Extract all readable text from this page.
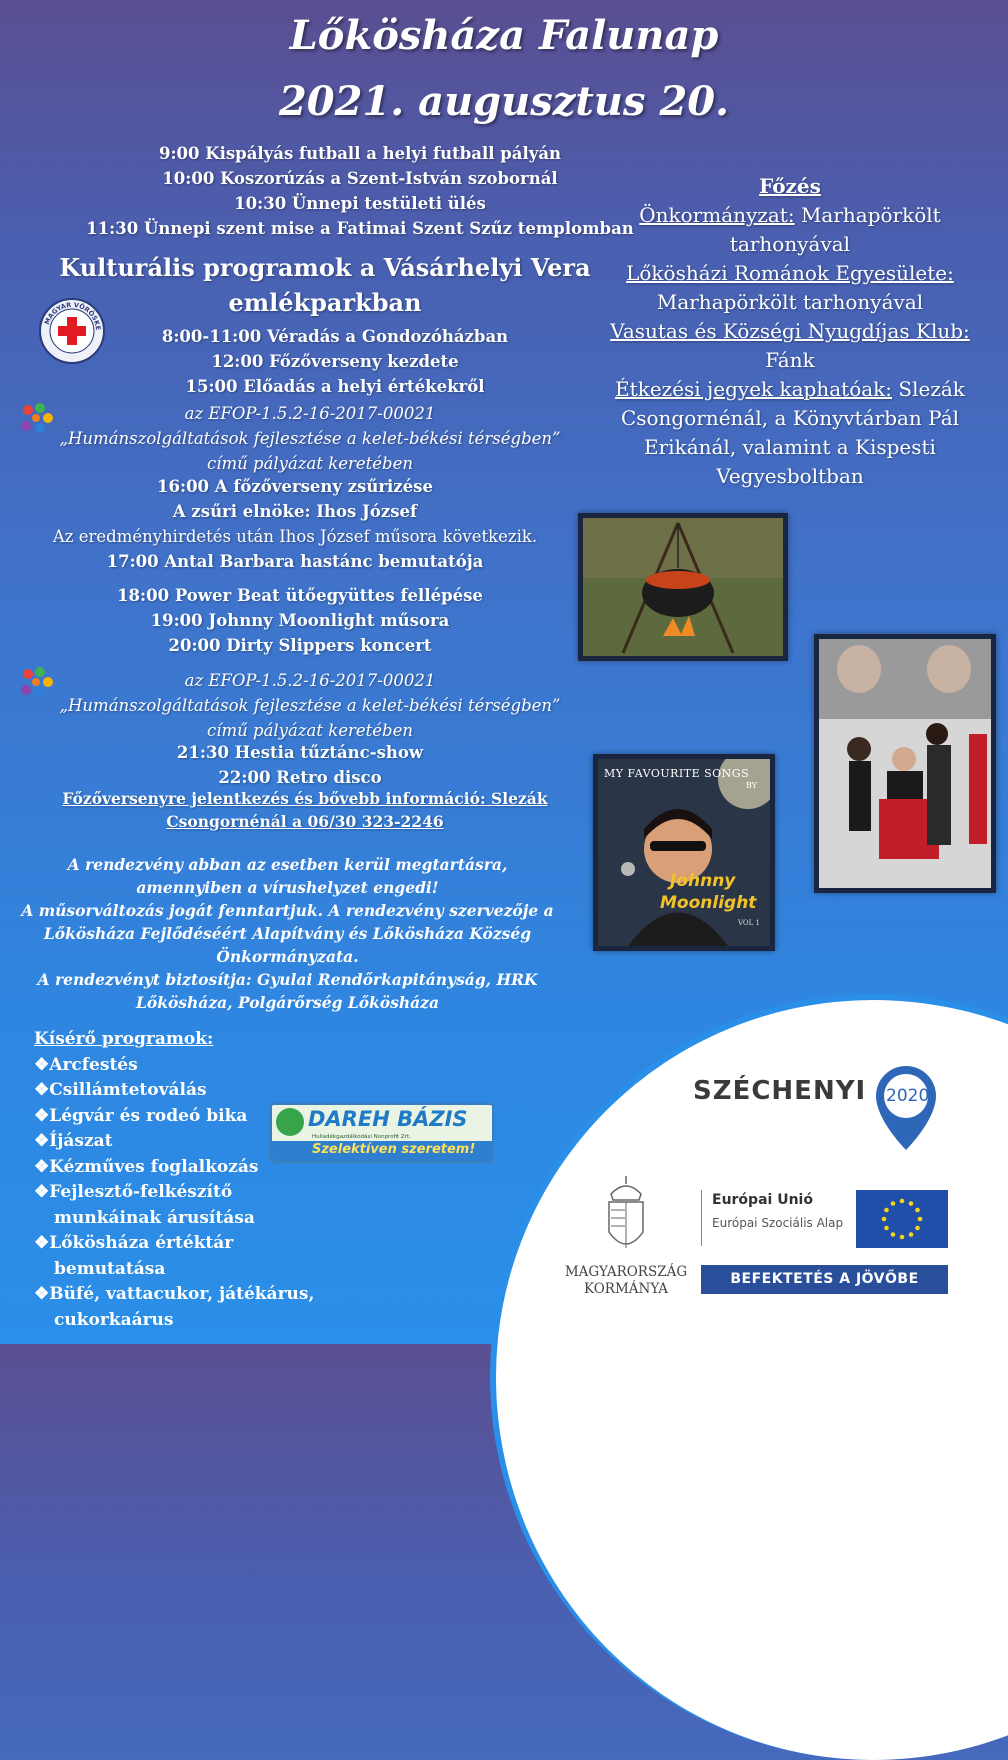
Lőkösháza Falunap
2021. augusztus 20.
9:00 Kispályás futball a helyi futball pályán
10:00 Koszorúzás a Szent-István szobornál
10:30 Ünnepi testületi ülés
11:30 Ünnepi szent mise a Fatimai Szent Szűz templomban
Kulturális programok a Vásárhelyi Vera
emlékparkban
MAGYAR VÖRÖSKE	8:00-11:00 Véradás a Gondozóházban
12:00 Főzőverseny kezdete
15:00 Előadás a helyi értékekről
az EFOP-1.5.2-16-2017-00021
„Humánszolgáltatások fejlesztése a kelet-békési térségben”
című pályázat keretében
16:00 A főzőverseny zsűrizése
A zsűri elnöke: Ihos József
Az eredményhirdetés után Ihos József műsora következik.
17:00 Antal Barbara hastánc bemutatója
18:00 Power Beat ütőegyüttes fellépése
19:00 Johnny Moonlight műsora
20:00 Dirty Slippers koncert
az EFOP-1.5.2-16-2017-00021
„Humánszolgáltatások fejlesztése a kelet-békési térségben”
című pályázat keretében
21:30 Hestia tűztánc-show
22:00 Retro disco
Főzőversenyre jelentkezés és bővebb információ: Slezák
Csongornénál a 06/30 323-2246
A rendezvény abban az esetben kerül megtartásra,
amennyiben a vírushelyzet engedi!
A műsorváltozás jogát fenntartjuk. A rendezvény szervezője a
Lőkösháza Fejlődéséért Alapítvány és Lőkösháza Község
Önkormányzata.
A rendezvényt biztosítja: Gyulai Rendőrkapitányság, HRK
Lőkösháza, Polgárőrség Lőkösháza
Kísérő programok:
❖Arcfestés
❖Csillámtetoválás
❖Légvár és rodeó bika
❖Íjászat
❖Kézműves foglalkozás
❖Fejlesztő-felkészítő munkáinak árusítása
❖Lőkösháza értéktár bemutatása
❖Büfé, vattacukor, játékárus, cukorkaárus
DAREH BÁZIS
Hulladékgazdálkodási Nonprofit Zrt.
Szelektíven szeretem!
Főzés
Önkormányzat: Marhapörkölt
tarhonyával
Lőkösházi Románok Egyesülete:
Marhapörkölt tarhonyával
Vasutas és Községi Nyugdíjas Klub:
Fánk
Étkezési jegyek kaphatóak: Slezák
Csongornénál, a Könyvtárban Pál
Erikánál, valamint a Kispesti
Vegyesboltban
MY FAVOURITE SONGS
BY
Johnny
Moonlight
VOL 1
SZÉCHENYI 2020
MAGYARORSZÁG
KORMÁNYA
Európai Unió
Európai Szociális Alap
BEFEKTETÉS A JÖVŐBE
